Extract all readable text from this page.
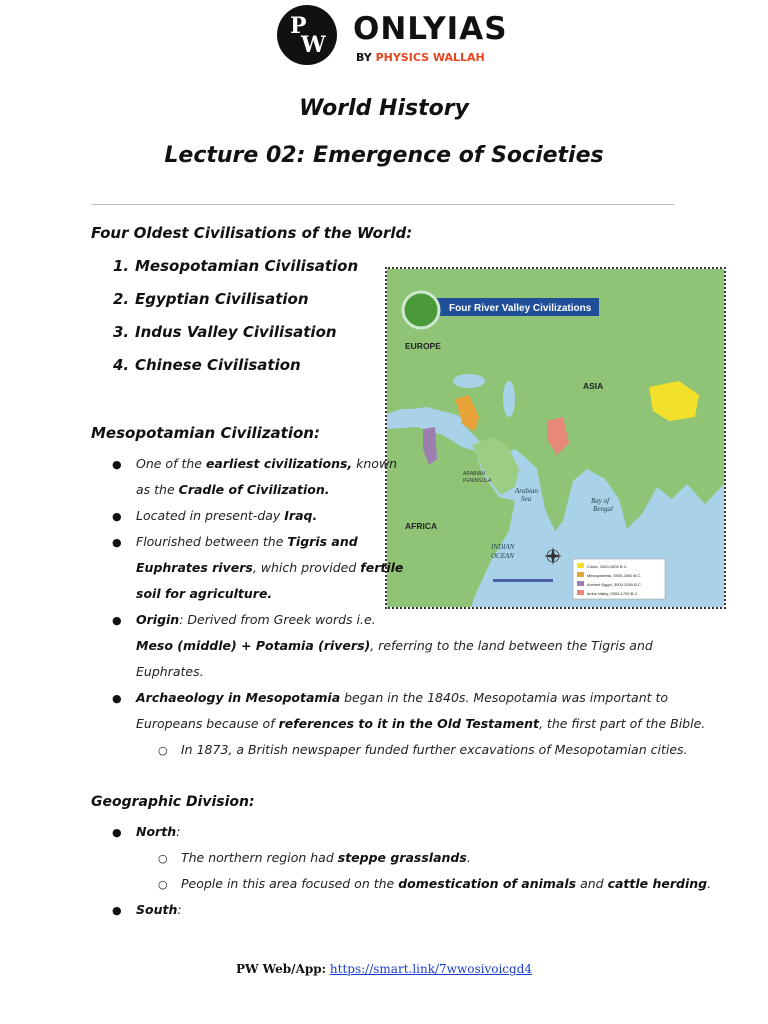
P
W ONLYIAS
BY PHYSICS WALLAH
World History
Lecture 02: Emergence of Societies
Four Oldest Civilisations of the World:
1. Mesopotamian Civilisation
2. Egyptian Civilisation
3. Indus Valley Civilisation
4. Chinese Civilisation
Four River Valley Civilizations
EUROPE
ASIA
AFRICA
INDIAN
OCEAN
Arabian
Sea	Bay of
Bengal
ARABIAN
PENINSULA
China, 2000-1500 B.C.
Mesopotamia, 3500-2000 B.C.
Ancient Egypt, 3000-2000 B.C.
Indus Valley, 2500-1700 B.C.
Mesopotamian Civilization:
● One of the earliest civilizations, known
as the Cradle of Civilization.
● Located in present-day Iraq.
● Flourished between the Tigris and
Euphrates rivers, which provided fertile
soil for agriculture.
● Origin: Derived from Greek words i.e.
Meso (middle) + Potamia (rivers), referring to the land between the Tigris and
Euphrates.
● Archaeology in Mesopotamia began in the 1840s. Mesopotamia was important to
Europeans because of references to it in the Old Testament, the first part of the Bible.
○ In 1873, a British newspaper funded further excavations of Mesopotamian cities.
Geographic Division:
● North:
○ The northern region had steppe grasslands.
○ People in this area focused on the domestication of animals and cattle herding.
● South:
PW Web/App: https://smart.link/7wwosivoicgd4
